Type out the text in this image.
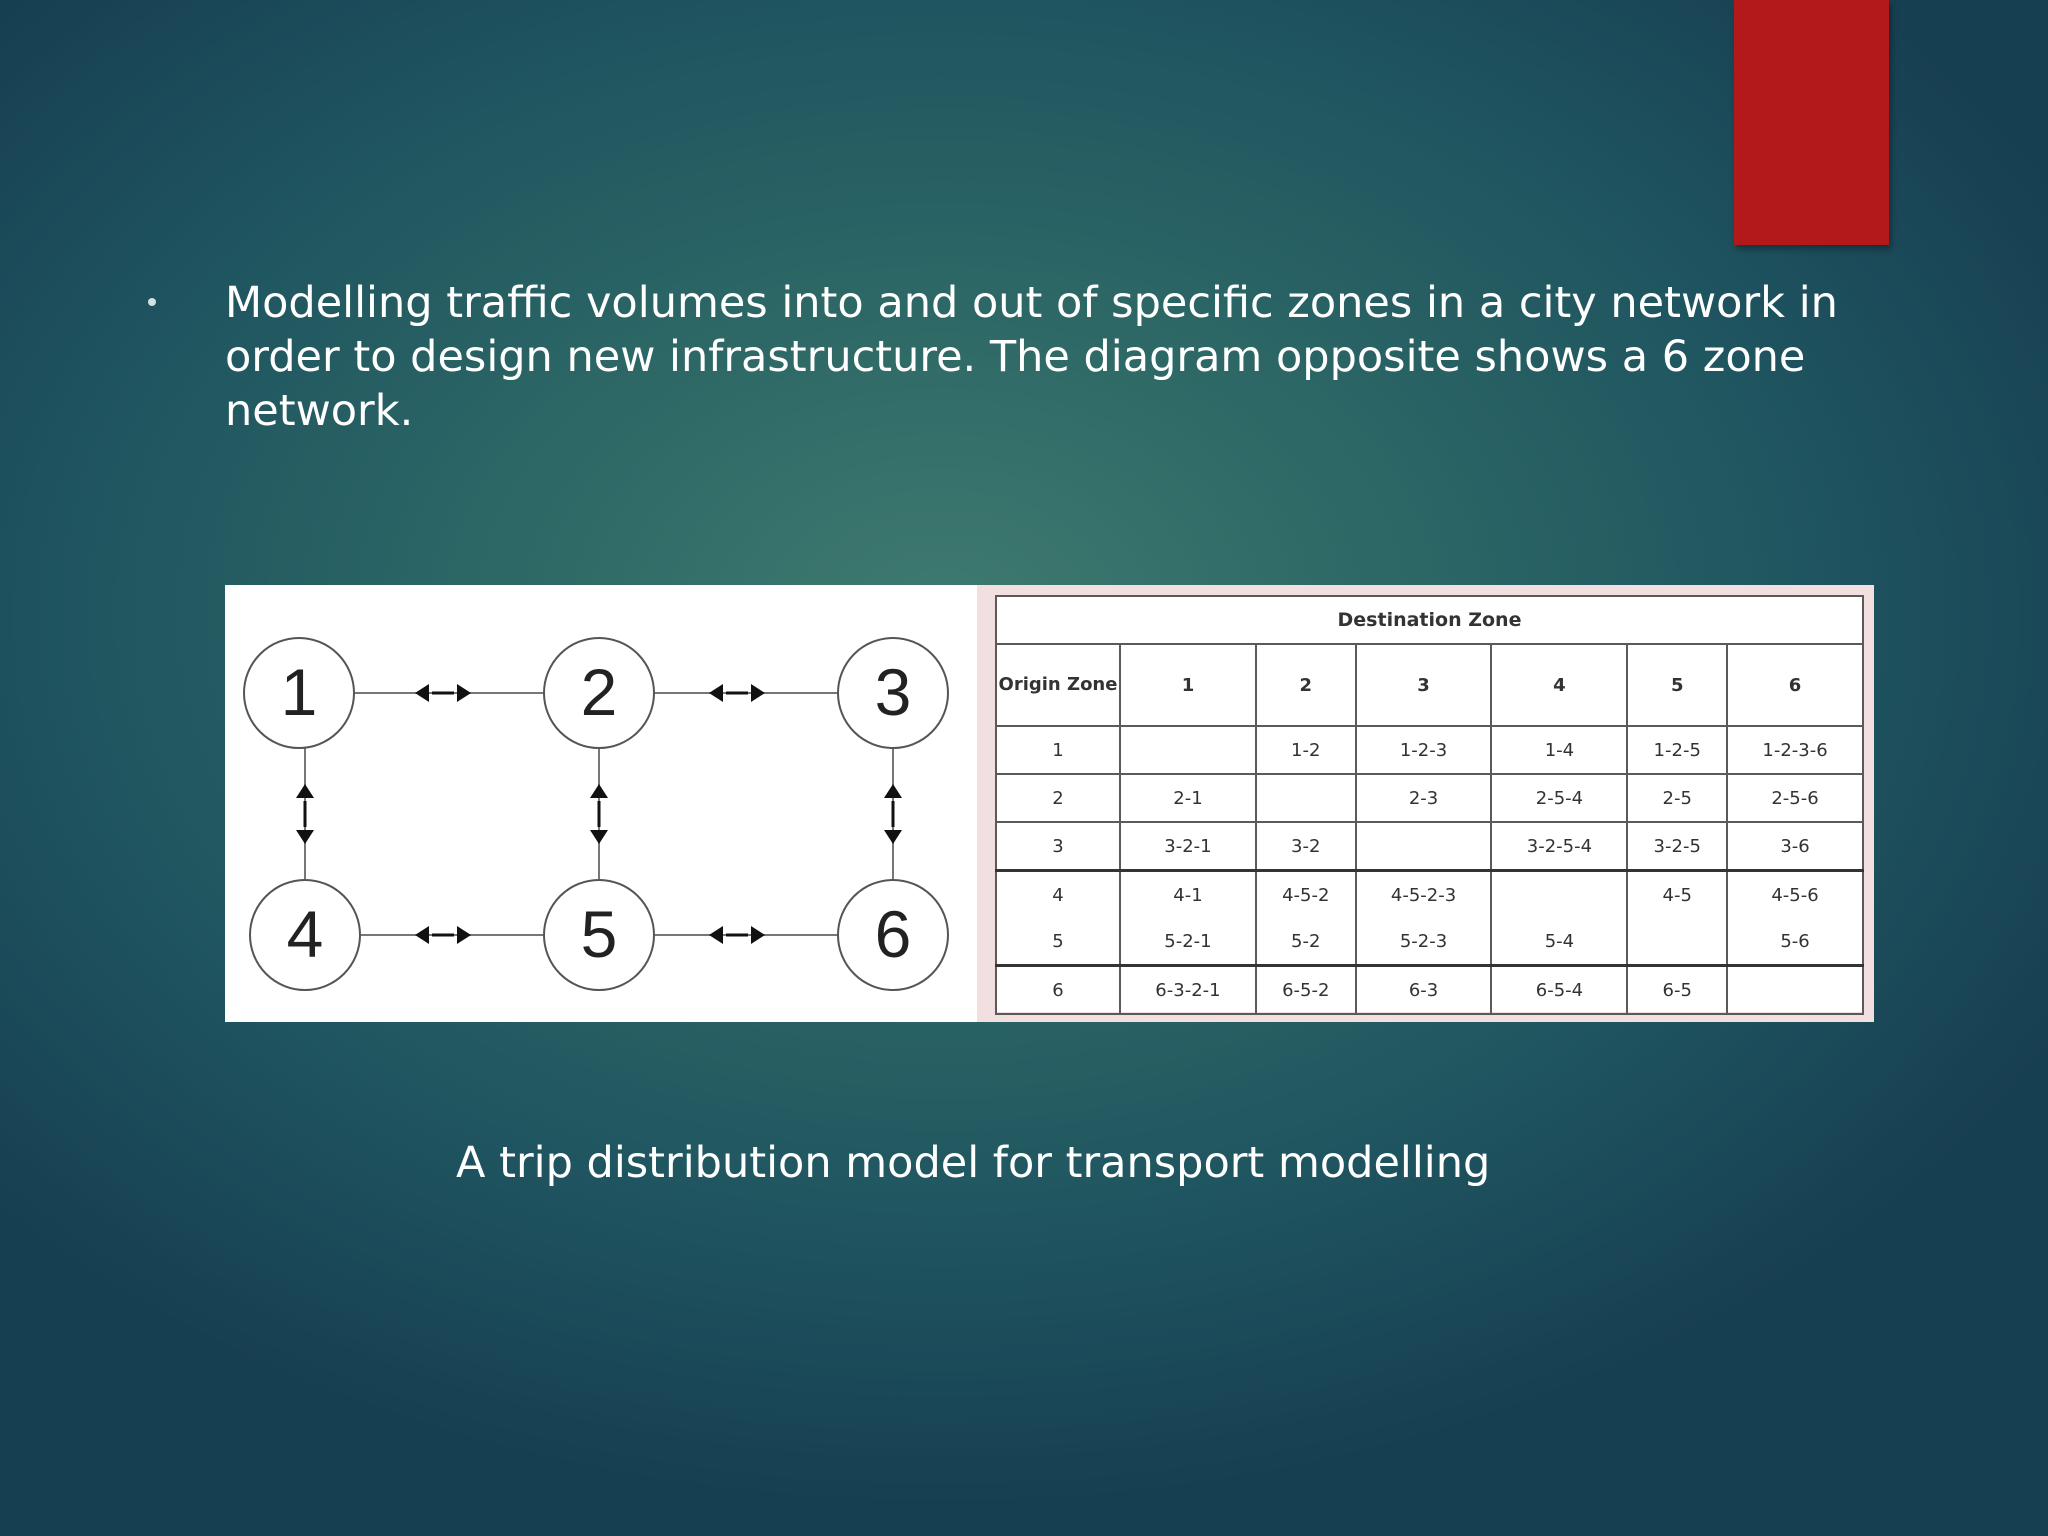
Modelling traffic volumes into and out of specific zones in a city network in
order to design new infrastructure. The diagram opposite shows a 6 zone
network.
1	2	3
4	5	6
Destination Zone						
Origin Zone	1	2	3	4	5	6
1		1-2	1-2-3	1-4	1-2-5	1-2-3-6
2	2-1		2-3	2-5-4	2-5	2-5-6
3	3-2-1	3-2		3-2-5-4	3-2-5	3-6
4	4-1	4-5-2	4-5-2-3		4-5	4-5-6
5	5-2-1	5-2	5-2-3	5-4		5-6
6	6-3-2-1	6-5-2	6-3	6-5-4	6-5	
A trip distribution model for transport modelling
